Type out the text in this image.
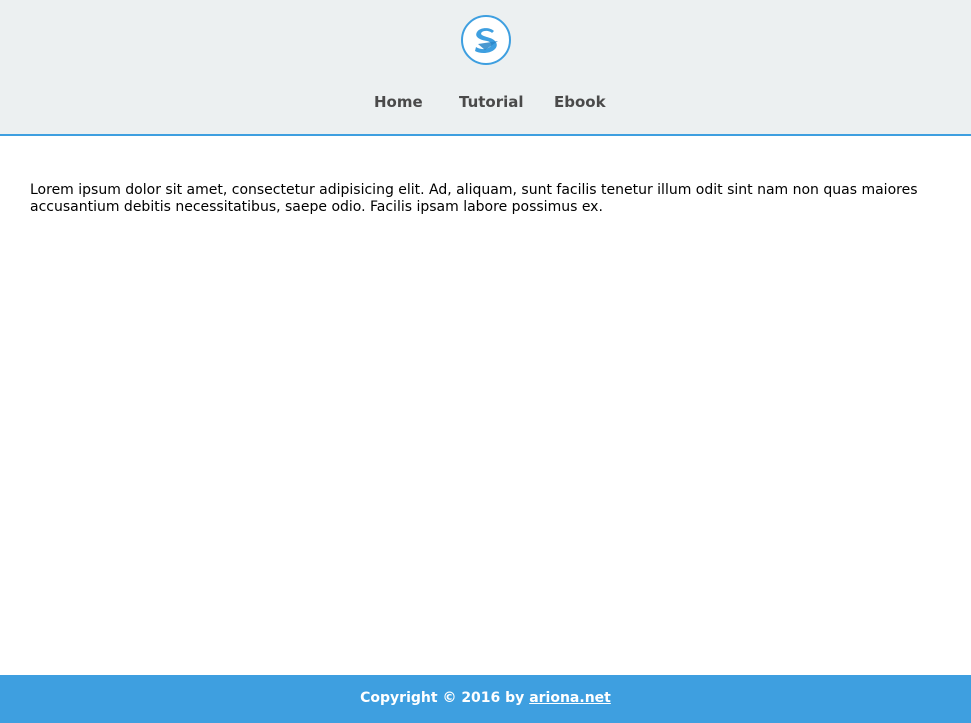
Home Tutorial Ebook

Lorem ipsum dolor sit amet, consectetur adipisicing elit. Ad, aliquam, sunt facilis tenetur illum odit sint nam non quas maiores accusantium debitis necessitatibus, saepe odio. Facilis ipsam labore possimus ex.

Copyright © 2016 by ariona.net
